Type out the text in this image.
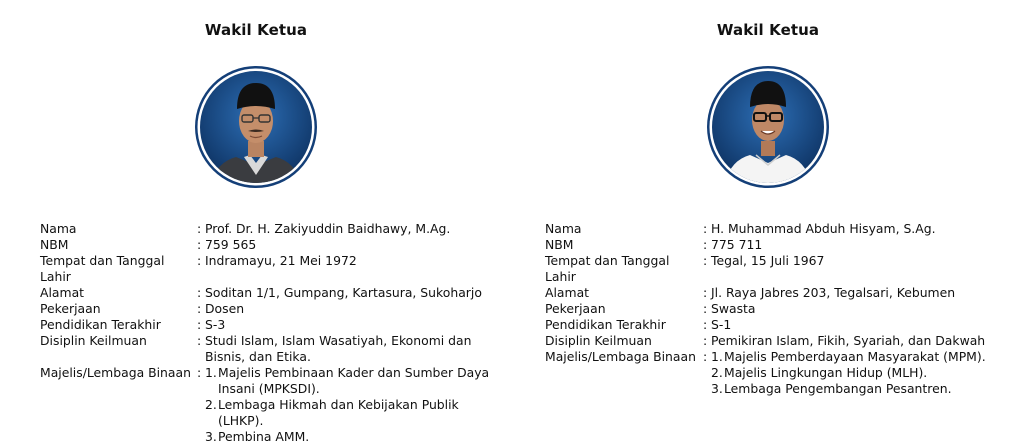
Wakil Ketua
Nama	: Prof. Dr. H. Zakiyuddin Baidhawy, M.Ag.
NBM	: 759 565
Tempat dan Tanggal Lahir
: Indramayu, 21 Mei 1972
Alamat	: Soditan 1/1, Gumpang, Kartasura, Sukoharjo
Pekerjaan	: Dosen
Pendidikan Terakhir	: S-3
Disiplin Keilmuan	: Studi Islam, Islam Wasatiyah, Ekonomi dan Bisnis, dan Etika.
Majelis/Lembaga Binaan : 1. Majelis Pembinaan Kader dan Sumber Daya Insani (MPKSDI).
2. Lembaga Hikmah dan Kebijakan Publik (LHKP).
3. Pembina AMM.
Wakil Ketua
Nama	: H. Muhammad Abduh Hisyam, S.Ag.
NBM	: 775 711
Tempat dan Tanggal Lahir
: Tegal, 15 Juli 1967
Alamat	: Jl. Raya Jabres 203, Tegalsari, Kebumen
Pekerjaan	: Swasta
Pendidikan Terakhir	: S-1
Disiplin Keilmuan	: Pemikiran Islam, Fikih, Syariah, dan Dakwah
Majelis/Lembaga Binaan : 1. Majelis Pemberdayaan Masyarakat (MPM).
2. Majelis Lingkungan Hidup (MLH).
3. Lembaga Pengembangan Pesantren.
